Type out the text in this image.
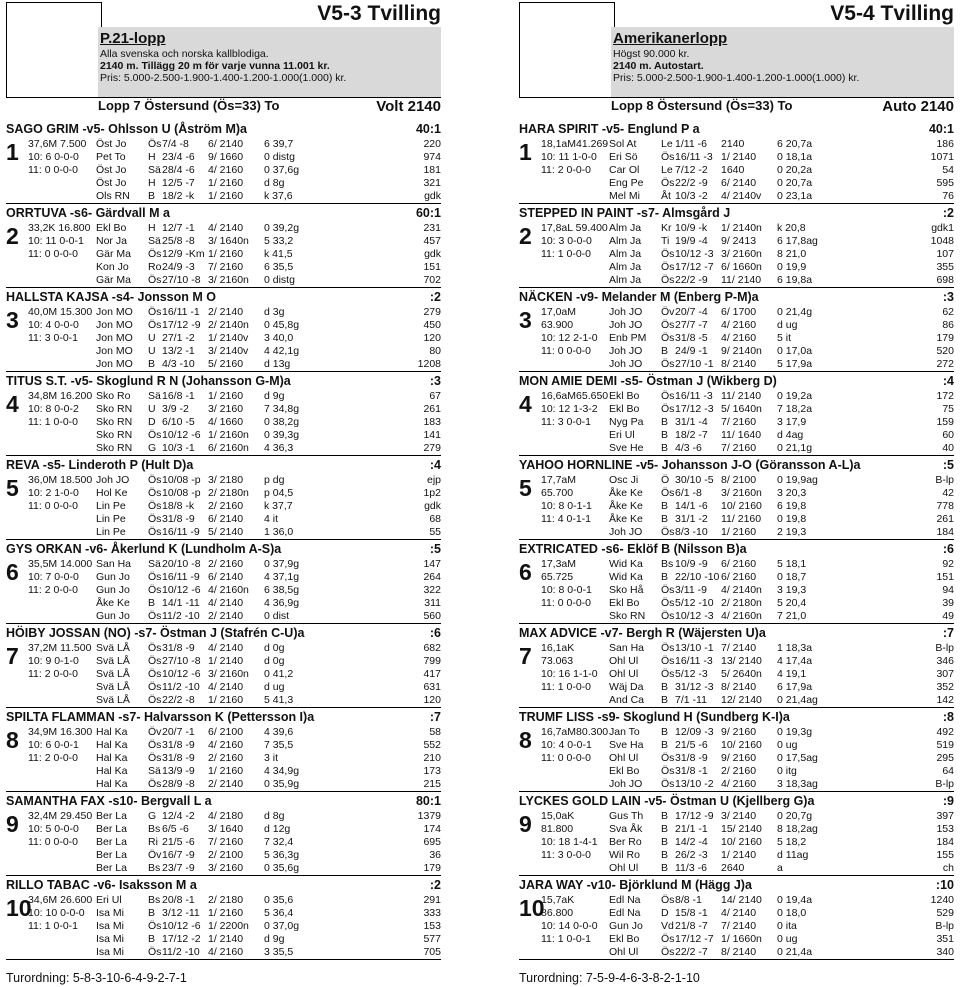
V5-3 Tvilling
P.21-lopp
Alla svenska och norska kallblodiga.
2140 m. Tillägg 20 m för varje vunna 11.001 kr.
Pris: 5.000-2.500-1.900-1.400-1.200-1.000(1.000) kr.
Lopp 7 Östersund (Ös=33) To	Volt 2140
SAGO GRIM -v5- Ohlsson U (Åström M)a	40:1
1 37,6M 7.500
10: 6 0-0-0
11: 0 0-0-0
Öst Jo	Ös 7/4 -8	6/ 2140	6 39,7	220
Pet To	H 23/4 -6	9/ 1660	0 distg	974
Öst Jo	Sä 28/4 -6	4/ 2160	0 37,6g	181
Öst Jo	H 12/5 -7	1/ 2160	d 8g	321
Ols RN	B 18/2 -k	1/ 2160	k 37,6	gdk
ORRTUVA -s6- Gärdvall M a	60:1
2 33,2K 16.800
10: 11 0-0-1
11: 0 0-0-0
Ekl Bo	H 12/7 -1	4/ 2140	0 39,2g	231
Nor Ja	Sä 25/8 -8	3/ 1640n	5 33,2	457
Gär Ma	Ös 12/9 -Km 1/ 2160	k 41,5	gdk
Kon Jo	Ro 24/9 -3	7/ 2160	6 35,5	151
Gär Ma	Ös 27/10 -8 3/ 2160n	0 distg	702
HALLSTA KAJSA -s4- Jonsson M O	:2
3 40,0M 15.300
10: 4 0-0-0
11: 3 0-0-1
Jon MO	Ös 16/11 -1 2/ 2140	d 3g	279
Jon MO	Ös 17/12 -9 2/ 2140n	0 45,8g	450
Jon MO	U 27/1 -2	1/ 2140v	3 40,0	120
Jon MO	U 13/2 -1	3/ 2140v	4 42,1g	80
Jon MO	B 4/3 -10	5/ 2160	d 13g	1208
TITUS S.T. -v5- Skoglund R N (Johansson G-M)a	:3
4 34,8M 16.200
10: 8 0-0-2
11: 1 0-0-0
Sko Ro	Sä 16/8 -1	1/ 2160	d 9g	67
Sko RN	U 3/9 -2	3/ 2160	7 34,8g	261
Sko RN	D 6/10 -5	4/ 1660	0 38,2g	183
Sko RN	Ös 10/12 -6 1/ 2160n	0 39,3g	141
Sko RN	G 10/3 -1	6/ 2160n	4 36,3	279
REVA -s5- Linderoth P (Hult D)a	:4
5 36,0M 18.500
10: 2 1-0-0
11: 0 0-0-0
Joh JO	Ös 10/08 -p 3/ 2180	p dg	ejp
Hol Ke	Ös 10/08 -p 2/ 2180n	p 04,5	1p2
Lin Pe	Ös 18/8 -k	2/ 2160	k 37,7	gdk
Lin Pe	Ös 31/8 -9	6/ 2140	4 it	68
Lin Pe	Ös 16/11 -9 5/ 2140	1 36,0	55
GYS ORKAN -v6- Åkerlund K (Lundholm A-S)a	:5
6 35,5M 14.000
10: 7 0-0-0
11: 2 0-0-0
San Ha	Sä 20/10 -8 2/ 2160	0 37,9g	147
Gun Jo	Ös 16/11 -9 6/ 2140	4 37,1g	264
Gun Jo	Ös 10/12 -6 4/ 2160n	6 38,5g	322
Åke Ke	B 14/1 -11 4/ 2140	4 36,9g	311
Gun Jo	Ös 11/2 -10 2/ 2140	0 dist	560
HÖIBY JOSSAN (NO) -s7- Östman J (Stafrén C-U)a	:6
7 37,2M 11.500
10: 9 0-1-0
11: 2 0-0-0
Svä LÅ	Ös 31/8 -9	4/ 2140	d 0g	682
Svä LÅ	Ös 27/10 -8 1/ 2140	d 0g	799
Svä LÅ	Ös 10/12 -6 3/ 2160n	0 41,2	417
Svä LÅ	Ös 11/2 -10 4/ 2140	d ug	631
Svä LÅ	Ös 22/2 -8	1/ 2160	5 41,3	120
SPILTA FLAMMAN -s7- Halvarsson K (Pettersson I)a	:7
8 34,9M 16.300
10: 6 0-0-1
11: 2 0-0-0
Hal Ka	Öv 20/7 -1	6/ 2100	4 39,6	58
Hal Ka	Ös 31/8 -9	4/ 2160	7 35,5	552
Hal Ka	Ös 31/8 -9	2/ 2160	3 it	210
Hal Ka	Sä 13/9 -9	1/ 2160	4 34,9g	173
Hal Ka	Ös 28/9 -8	2/ 2140	0 35,9g	215
SAMANTHA FAX -s10- Bergvall L a	80:1
9 32,4M 29.450
10: 5 0-0-0
11: 0 0-0-0
Ber La	G 12/4 -2	4/ 2180	d 8g	1379
Ber La	Bs 6/5 -6	3/ 1640	d 12g	174
Ber La	Ri 21/5 -6	7/ 2160	7 32,4	695
Ber La	Öv 16/7 -9	2/ 2100	5 36,3g	36
Ber La	Bs 23/7 -9	3/ 2160	0 35,6g	179
RILLO TABAC -v6- Isaksson M a	:2
10
34,6M 26.600
10: 10 0-0-0
11: 1 0-0-1
Eri Ul	Bs 20/8 -1	2/ 2180	0 35,6	291
Isa Mi	B 3/12 -11 1/ 2160	5 36,4	333
Isa Mi	Ös 10/12 -6 1/ 2200n	0 37,0g	153
Isa Mi	B 17/12 -2 1/ 2140	d 9g	577
Isa Mi	Ös 11/2 -10 4/ 2160	3 35,5	705
Turordning: 5-8-3-10-6-4-9-2-7-1
V5-4 Tvilling
Amerikanerlopp
Högst 90.000 kr.
2140 m. Autostart.
Pris: 5.000-2.500-1.900-1.400-1.200-1.000(1.000) kr.
Lopp 8 Östersund (Ös=33) To	Auto 2140
HARA SPIRIT -v5- Englund P a	40:1
1 18,1aM41.269
10: 11 1-0-0
11: 2 0-0-0
Sol At	Le 1/11 -6	2140	6 20,7a	186
Eri Sö	Ös 16/11 -3 1/ 2140	0 18,1a	1071
Car Ol	Le 7/12 -2	1640	0 20,2a	54
Eng Pe	Ös 22/2 -9	6/ 2140	0 20,7a	595
Mel Mi	Åt 10/3 -2	4/ 2140v	0 23,1a	76
STEPPED IN PAINT -s7- Almsgård J	:2
2 17,8aL 59.400
10: 3 0-0-0
11: 1 0-0-0
Alm Ja	Kr 10/9 -k	1/ 2140n	k 20,8	gdk1
Alm Ja	Ti 19/9 -4	9/ 2413	6 17,8ag	1048
Alm Ja	Ös 10/12 -3 3/ 2160n	8 21,0	107
Alm Ja	Ös 17/12 -7 6/ 1660n	0 19,9	355
Alm Ja	Ös 22/2 -9	11/ 2140	6 19,8a	698
NÄCKEN -v9- Melander M (Enberg P-M)a	:3
3 17,0aM 63.900
10: 12 2-1-0
11: 0 0-0-0
Joh JO	Öv 20/7 -4	6/ 1700	0 21,4g	62
Joh JO	Ös 27/7 -7	4/ 2160	d ug	86
Enb PM	Ös 31/8 -5	4/ 2160	5 it	179
Joh JO	B 24/9 -1	9/ 2140n	0 17,0a	520
Joh JO	Ös 27/10 -1 8/ 2140	5 17,9a	272
MON AMIE DEMI -s5- Östman J (Wikberg D)	:4
4 16,6aM65.650
10: 12 1-3-2
11: 3 0-0-1
Ekl Bo	Ös 16/11 -3 11/ 2140	0 19,2a	172
Ekl Bo	Ös 17/12 -3 5/ 1640n	7 18,2a	75
Nyg Pa	B 31/1 -4	7/ 2160	3 17,9	159
Eri Ul	B 18/2 -7	11/ 1640	d 4ag	60
Sve He	B 4/3 -6	7/ 2160	0 21,1g	40
YAHOO HORNLINE -v5- Johansson J-O (Göransson A-L)a	:5
5 17,7aM 65.700
10: 8 0-1-1
11: 4 0-1-1
Osc Ji	Ö 30/10 -5 8/ 2100	0 19,9ag	B-lp
Åke Ke	Ös 6/1 -8	3/ 2160n	3 20,3	42
Åke Ke	B 14/1 -6	10/ 2160	6 19,8	778
Åke Ke	B 31/1 -2	11/ 2160	0 19,8	261
Joh JO	Ös 8/3 -10	1/ 2160	2 19,3	184
EXTRICATED -s6- Eklöf B (Nilsson B)a	:6
6 17,3aM 65.725
10: 8 0-0-1
11: 0 0-0-0
Wid Ka	Bs 10/9 -9	6/ 2160	5 18,1	92
Wid Ka	B 22/10 -10 6/ 2160	0 18,7	151
Sko Hå	Ös 3/11 -9	4/ 2140n	3 19,3	94
Ekl Bo	Ös 5/12 -10 2/ 2180n	5 20,4	39
Sko RN	Ös 10/12 -3 4/ 2160n	7 21,0	49
MAX ADVICE -v7- Bergh R (Wäjersten U)a	:7
7 16,1aK 73.063
10: 16 1-1-0
11: 1 0-0-0
San Ha	Ös 13/10 -1 7/ 2140	1 18,3a	B-lp
Ohl Ul	Ös 16/11 -3 13/ 2140	4 17,4a	346
Ohl Ul	Ös 5/12 -3	5/ 2640n	4 19,1	307
Wäj Da	B 31/12 -3 8/ 2140	6 17,9a	352
And Ca	B 7/1 -11	12/ 2140	0 21,4ag	142
TRUMF LISS -s9- Skoglund H (Sundberg K-I)a	:8
8 16,7aM80.300
10: 4 0-0-1
11: 0 0-0-0
Jan To	B 12/09 -3 9/ 2160	0 19,3g	492
Sve Ha	B 21/5 -6	10/ 2160	0 ug	519
Ohl Ul	Ös 31/8 -9	9/ 2160	0 17,5ag	295
Ekl Bo	Ös 31/8 -1	2/ 2160	0 itg	64
Joh JO	Ös 13/10 -2 4/ 2160	3 18,3ag	B-lp
LYCKES GOLD LAIN -v5- Östman U (Kjellberg G)a	:9
9 15,0aK 81.800
10: 18 1-4-1
11: 3 0-0-0
Gus Th	B 17/12 -9 3/ 2140	0 20,7g	397
Sva Åk	B 21/1 -1	15/ 2140	8 18,2ag	153
Ber Ro	B 14/2 -4	10/ 2160	5 18,2	184
Wil Ro	B 26/2 -3	1/ 2140	d 11ag	155
Ohl Ul	B 11/3 -6	2640	a	ch
JARA WAY -v10- Björklund M (Hägg J)a	:10
10
15,7aK 86.800
10: 14 0-0-0
11: 1 0-0-1
Edl Na	Ös 8/8 -1	14/ 2140	0 19,4a	1240
Edl Na	D 15/8 -1	4/ 2140	0 18,0	529
Gun Jo	Vd 21/8 -7	7/ 2140	0 ita	B-lp
Ekl Bo	Ös 17/12 -7 1/ 1660n	0 ug	351
Ohl Ul	Ös 22/2 -7	8/ 2140	0 21,4a	340
Turordning: 7-5-9-4-6-3-8-2-1-10
